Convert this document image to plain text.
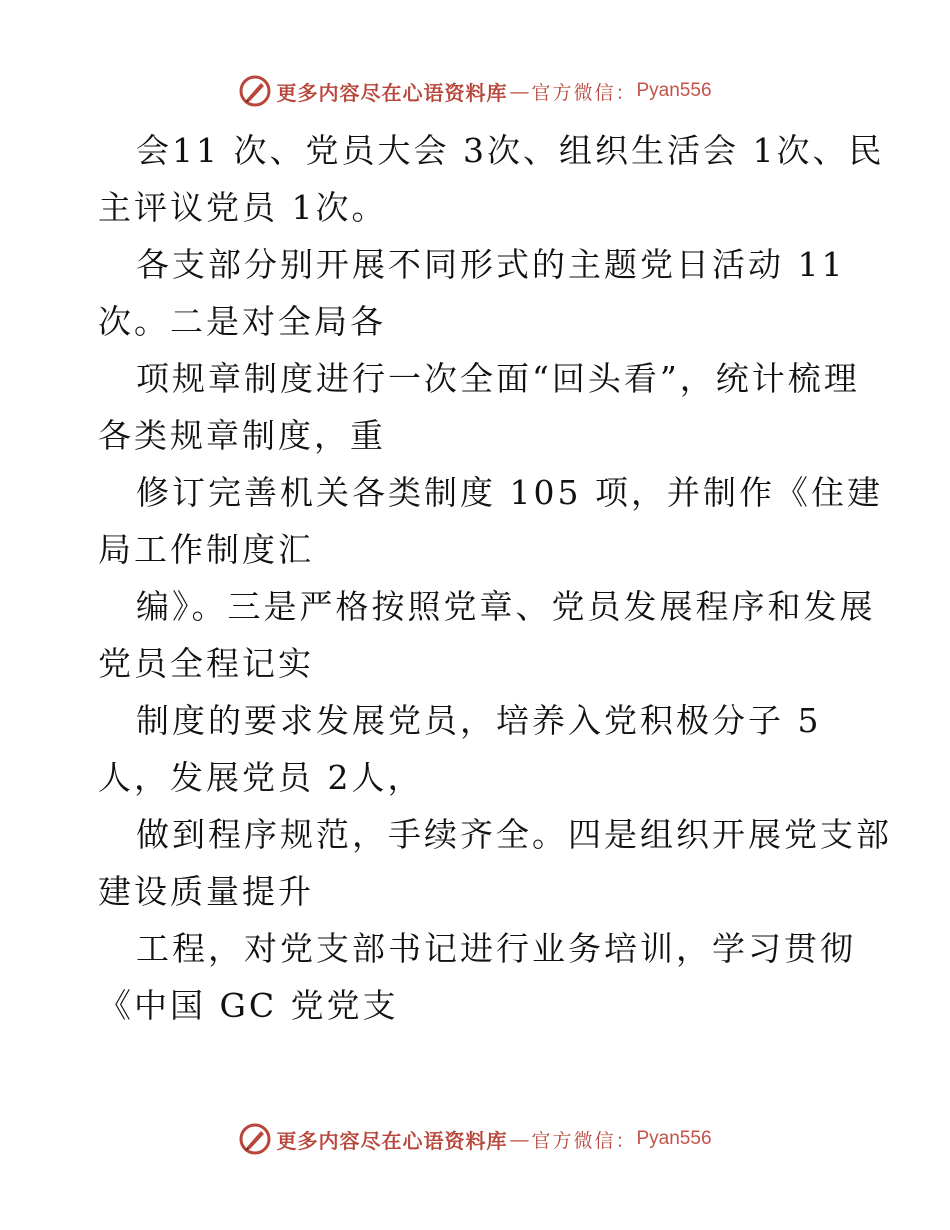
更多内容尽在心语资料库 — 官方微信： Pyan556
会11 次、党员大会 3次、组织生活会 1次、民
主评议党员 1次。
各支部分别开展不同形式的主题党日活动 11
次。二是对全局各
项规章制度进行一次全面“回头看”，统计梳理
各类规章制度，重
修订完善机关各类制度 105 项，并制作《住建
局工作制度汇
编》。三是严格按照党章、党员发展程序和发展
党员全程记实
制度的要求发展党员，培养入党积极分子 5
人，发展党员 2人，
做到程序规范，手续齐全。四是组织开展党支部
建设质量提升
工程，对党支部书记进行业务培训，学习贯彻
《中国 GC 党党支
更多内容尽在心语资料库 — 官方微信： Pyan556
